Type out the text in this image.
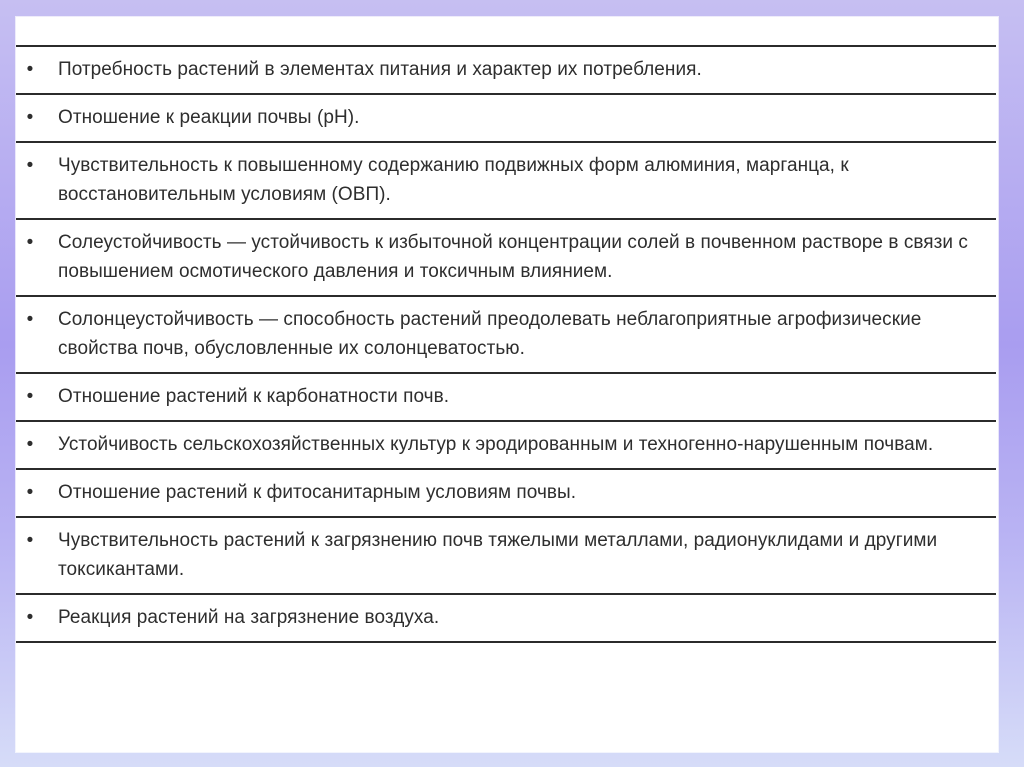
• Потребность растений в элементах питания и характер их потребления.
• Отношение к реакции почвы (pH).
• Чувствительность к повышенному содержанию подвижных форм алюминия, марганца, к восстановительным условиям (ОВП).
• Солеустойчивость — устойчивость к избыточной концентрации солей в почвенном растворе в связи с повышением осмотического давления и токсичным влиянием.
• Солонцеустойчивость — способность растений преодолевать неблагоприятные агрофизические свойства почв, обусловленные их солонцеватостью.
• Отношение растений к карбонатности почв.
• Устойчивость сельскохозяйственных культур к эродированным и техногенно-нарушенным почвам.
• Отношение растений к фитосанитарным условиям почвы.
• Чувствительность растений к загрязнению почв тяжелыми металлами, радионуклидами и другими токсикантами.
• Реакция растений на загрязнение воздуха.
